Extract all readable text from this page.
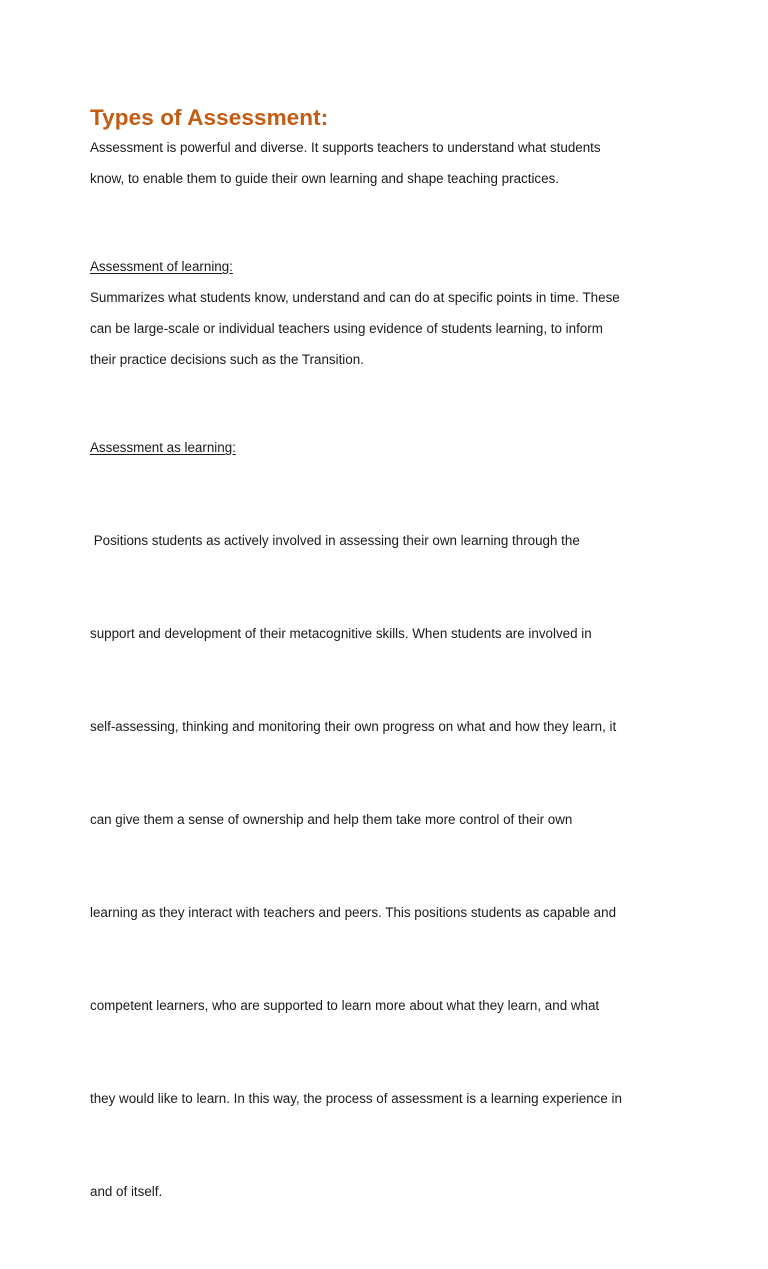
Types of Assessment:

Assessment is powerful and diverse. It supports teachers to understand what students
know, to enable them to guide their own learning and shape teaching practices.

Assessment of learning:

Summarizes what students know, understand and can do at specific points in time. These
can be large-scale or individual teachers using evidence of students learning, to inform
their practice decisions such as the Transition.

Assessment as learning:

Positions students as actively involved in assessing their own learning through the

support and development of their metacognitive skills. When students are involved in

self-assessing, thinking and monitoring their own progress on what and how they learn, it

can give them a sense of ownership and help them take more control of their own

learning as they interact with teachers and peers. This positions students as capable and

competent learners, who are supported to learn more about what they learn, and what

they would like to learn. In this way, the process of assessment is a learning experience in

and of itself.
